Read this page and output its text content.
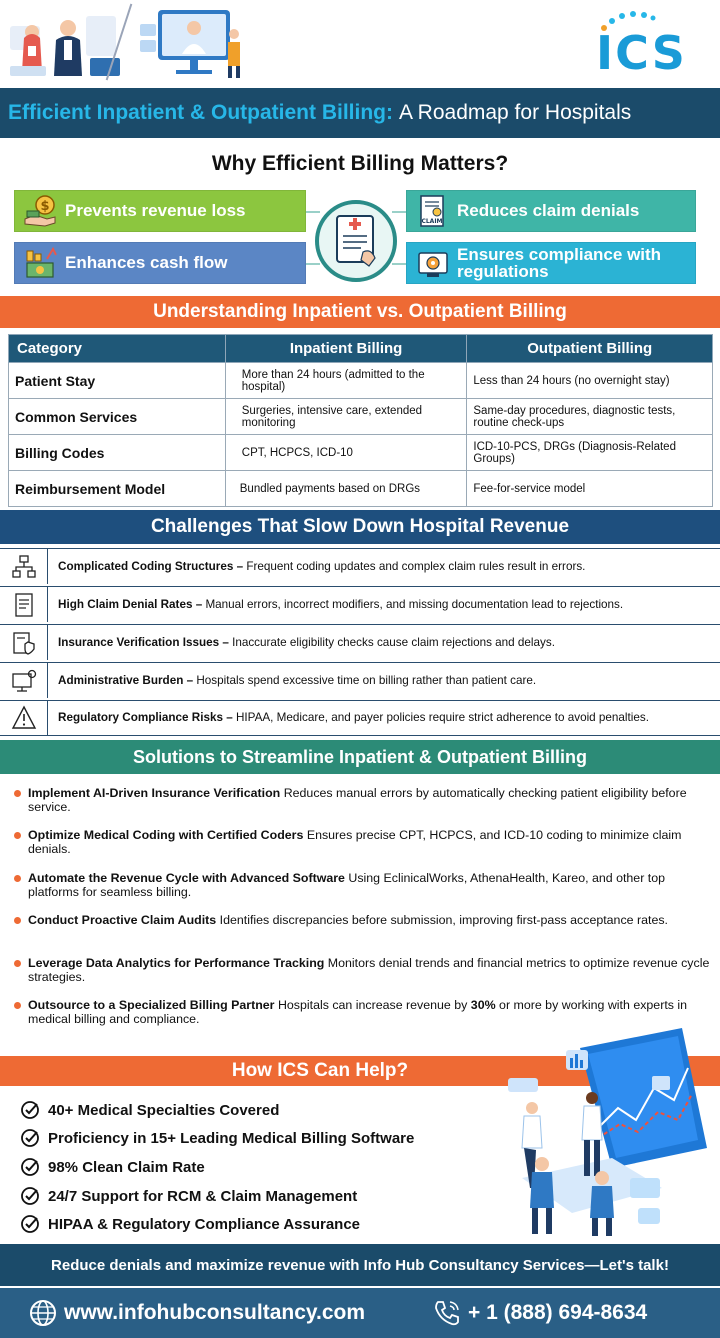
ICS
Efficient Inpatient & Outpatient Billing: A Roadmap for Hospitals
Why Efficient Billing Matters?
$ Prevents revenue loss
Enhances cash flow
CLAIM
Reduces claim denials
Ensures compliance with regulations
Understanding Inpatient vs. Outpatient Billing
Category	Inpatient Billing	Outpatient Billing
Patient Stay	More than 24 hours (admitted to the hospital)	Less than 24 hours (no overnight stay)
Common Services	Surgeries, intensive care, extended monitoring	Same-day procedures, diagnostic tests, routine check-ups
Billing Codes	CPT, HCPCS, ICD-10	ICD-10-PCS, DRGs (Diagnosis-Related Groups)
Reimbursement Model	Bundled payments based on DRGs	Fee-for-service model
Challenges That Slow Down Hospital Revenue
Complicated Coding Structures – Frequent coding updates and complex claim rules result in errors.
High Claim Denial Rates – Manual errors, incorrect modifiers, and missing documentation lead to rejections.
Insurance Verification Issues – Inaccurate eligibility checks cause claim rejections and delays.
Administrative Burden – Hospitals spend excessive time on billing rather than patient care.
Regulatory Compliance Risks – HIPAA, Medicare, and payer policies require strict adherence to avoid penalties.
Solutions to Streamline Inpatient & Outpatient Billing
Implement AI-Driven Insurance Verification Reduces manual errors by automatically checking patient eligibility before service.
Optimize Medical Coding with Certified Coders Ensures precise CPT, HCPCS, and ICD-10 coding to minimize claim denials.
Automate the Revenue Cycle with Advanced Software Using EclinicalWorks, AthenaHealth, Kareo, and other top platforms for seamless billing.
Conduct Proactive Claim Audits Identifies discrepancies before submission, improving first-pass acceptance rates.
Leverage Data Analytics for Performance Tracking Monitors denial trends and financial metrics to optimize revenue cycle strategies.
Outsource to a Specialized Billing Partner Hospitals can increase revenue by 30% or more by working with experts in medical billing and compliance.
How ICS Can Help?
40+ Medical Specialties Covered
Proficiency in 15+ Leading Medical Billing Software
98% Clean Claim Rate
24/7 Support for RCM & Claim Management
HIPAA & Regulatory Compliance Assurance
Reduce denials and maximize revenue with Info Hub Consultancy Services—Let's talk!
www.infohubconsultancy.com	+ 1 (888) 694-8634
